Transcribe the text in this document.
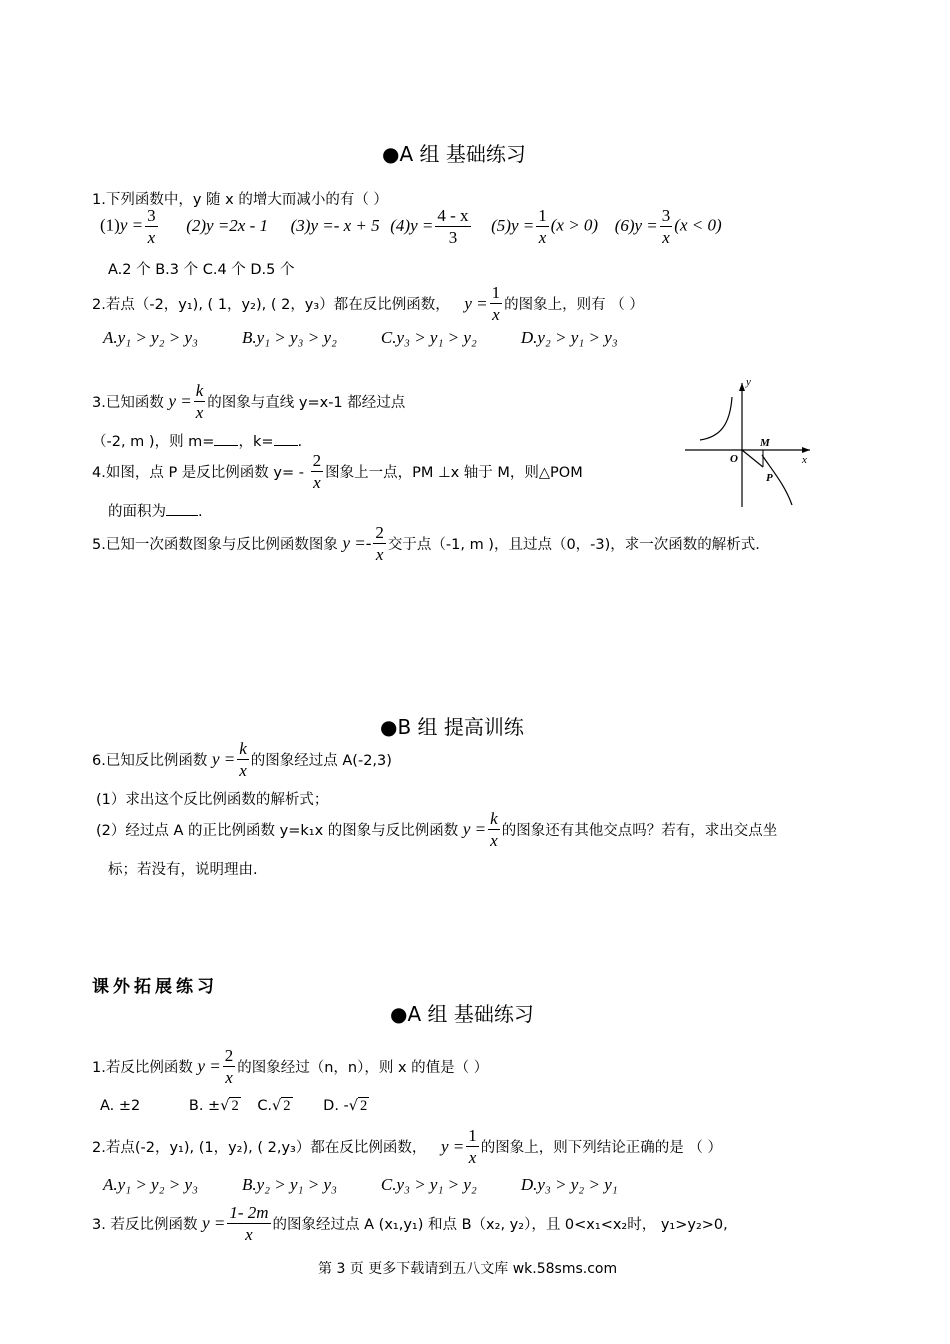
●A 组 基础练习
1.下列函数中，y 随 x 的增大而减小的有（ ）
$(1)y = \frac{3}{x} (2)y =2x - 1$ (3)y =- x + 5 $(4)y = \frac{4 - x}{3} (5)y = \frac{1}{x} (x > 0) (6)y = \frac{3}{x} (x < 0)$
A.2 个 B.3 个 C.4 个 D.5 个
2.若点（-2，y₁), ( 1，y₂), ( 2，y₃）都在反比例函数， $y = \frac{1}{x}$ 的图象上，则有 （ ）
A.y₁ > y₂ > y₃	B.y₁ > y₃ > y₂	C.y₃ > y₁ > y₂	D.y₂ > y₁ > y₃
3.已知函数 $y = \frac{k}{x}$ 的图象与直线 y=x-1 都经过点
（-2, m )，则 m= ，k= .
y
x
O
M
P
4.如图，点 P 是反比例函数 $y= - \frac{2}{x}$ 图象上一点，PM ⊥x 轴于 M，则△POM
的面积为 .
5.已知一次函数图象与反比例函数图象 $y =- \frac{2}{x}$ 交于点（-1, m )，且过点（0，-3)，求一次函数的解析式.
●B 组 提高训练
6.已知反比例函数 $y = \frac{k}{x}$ 的图象经过点 A(-2,3)
(1）求出这个反比例函数的解析式；
(2）经过点 A 的正比例函数 y=k₁x 的图象与反比例函数 $y = \frac{k}{x}$ 的图象还有其他交点吗？若有，求出交点坐
标；若没有，说明理由.
课外拓展练习
●A 组 基础练习
1.若反比例函数 $y = \frac{2}{x}$ 的图象经过（n，n），则 x 的值是（ ）
A. ±2	B. ±√ 2 C.√ 2 D. -√ 2
2.若点(-2，y₁), (1，y₂), ( 2,y₃）都在反比例函数， $y = \frac{1}{x}$ 的图象上，则下列结论正确的是 （ ）
A.y₁ > y₂ > y₃	B.y₂ > y₁ > y₃	C.y₃ > y₁ > y₂	D.y₃ > y₂ > y₁
3. 若反比例函数 $y = \frac{1- 2m}{x}$ 的图象经过点 A (x₁,y₁) 和点 B（x₂, y₂），且 0<x₁<x₂时， y₁>y₂>0,
第 3 页 更多下载请到五八文库 wk.58sms.com
